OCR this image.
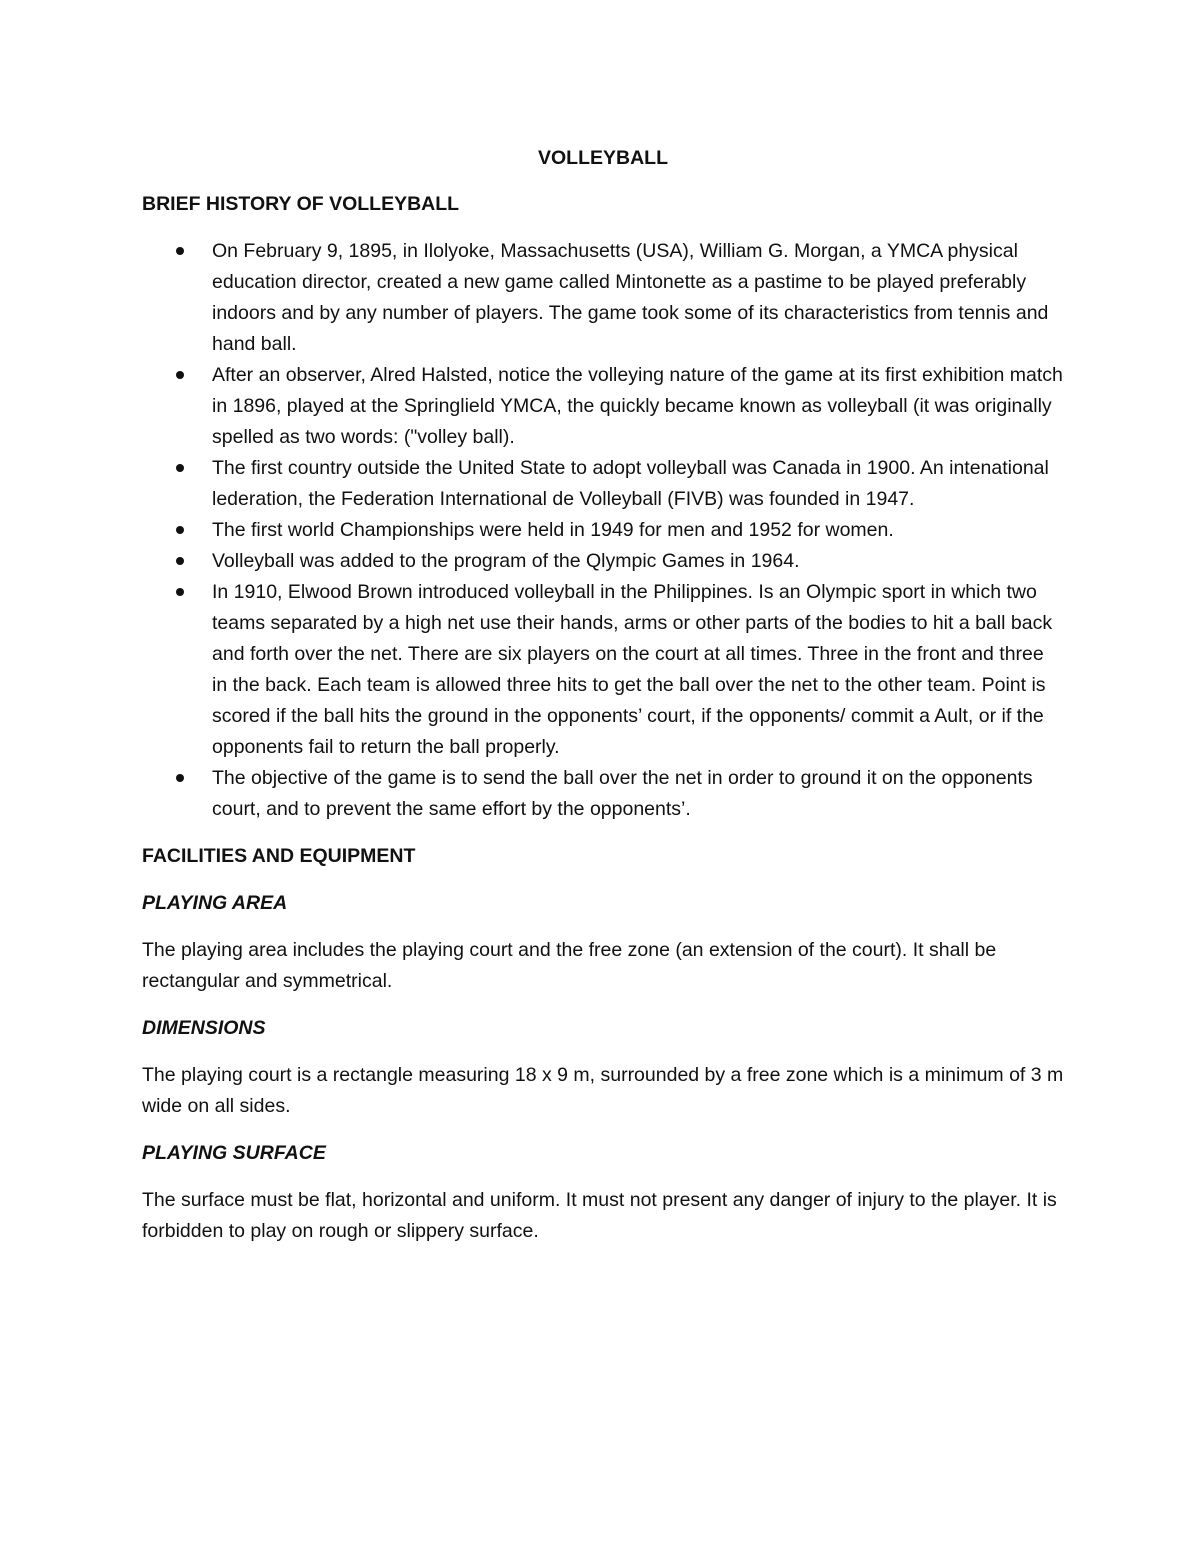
VOLLEYBALL
BRIEF HISTORY OF VOLLEYBALL
On February 9, 1895, in Ilolyoke, Massachusetts (USA), William G. Morgan, a YMCA physical education director, created a new game called Mintonette as a pastime to be played preferably indoors and by any number of players. The game took some of its characteristics from tennis and hand ball.
After an observer, Alred Halsted, notice the volleying nature of the game at its first exhibition match in 1896, played at the Springlield YMCA, the quickly became known as volleyball (it was originally spelled as two words: ("volley ball).
The first country outside the United State to adopt volleyball was Canada in 1900. An intenational lederation, the Federation International de Volleyball (FIVB) was founded in 1947.
The first world Championships were held in 1949 for men and 1952 for women.
Volleyball was added to the program of the Qlympic Games in 1964.
In 1910, Elwood Brown introduced volleyball in the Philippines. Is an Olympic sport in which two teams separated by a high net use their hands, arms or other parts of the bodies to hit a ball back and forth over the net. There are six players on the court at all times. Three in the front and three in the back. Each team is allowed three hits to get the ball over the net to the other team. Point is scored if the ball hits the ground in the opponents’ court, if the opponents/ commit a Ault, or if the opponents fail to return the ball properly.
The objective of the game is to send the ball over the net in order to ground it on the opponents court, and to prevent the same effort by the opponents’.
FACILITIES AND EQUIPMENT
PLAYING AREA

The playing area includes the playing court and the free zone (an extension of the court). It shall be rectangular and symmetrical.

DIMENSIONS

The playing court is a rectangle measuring 18 x 9 m, surrounded by a free zone which is a minimum of 3 m wide on all sides.

PLAYING SURFACE

The surface must be flat, horizontal and uniform. It must not present any danger of injury to the player. It is forbidden to play on rough or slippery surface.
